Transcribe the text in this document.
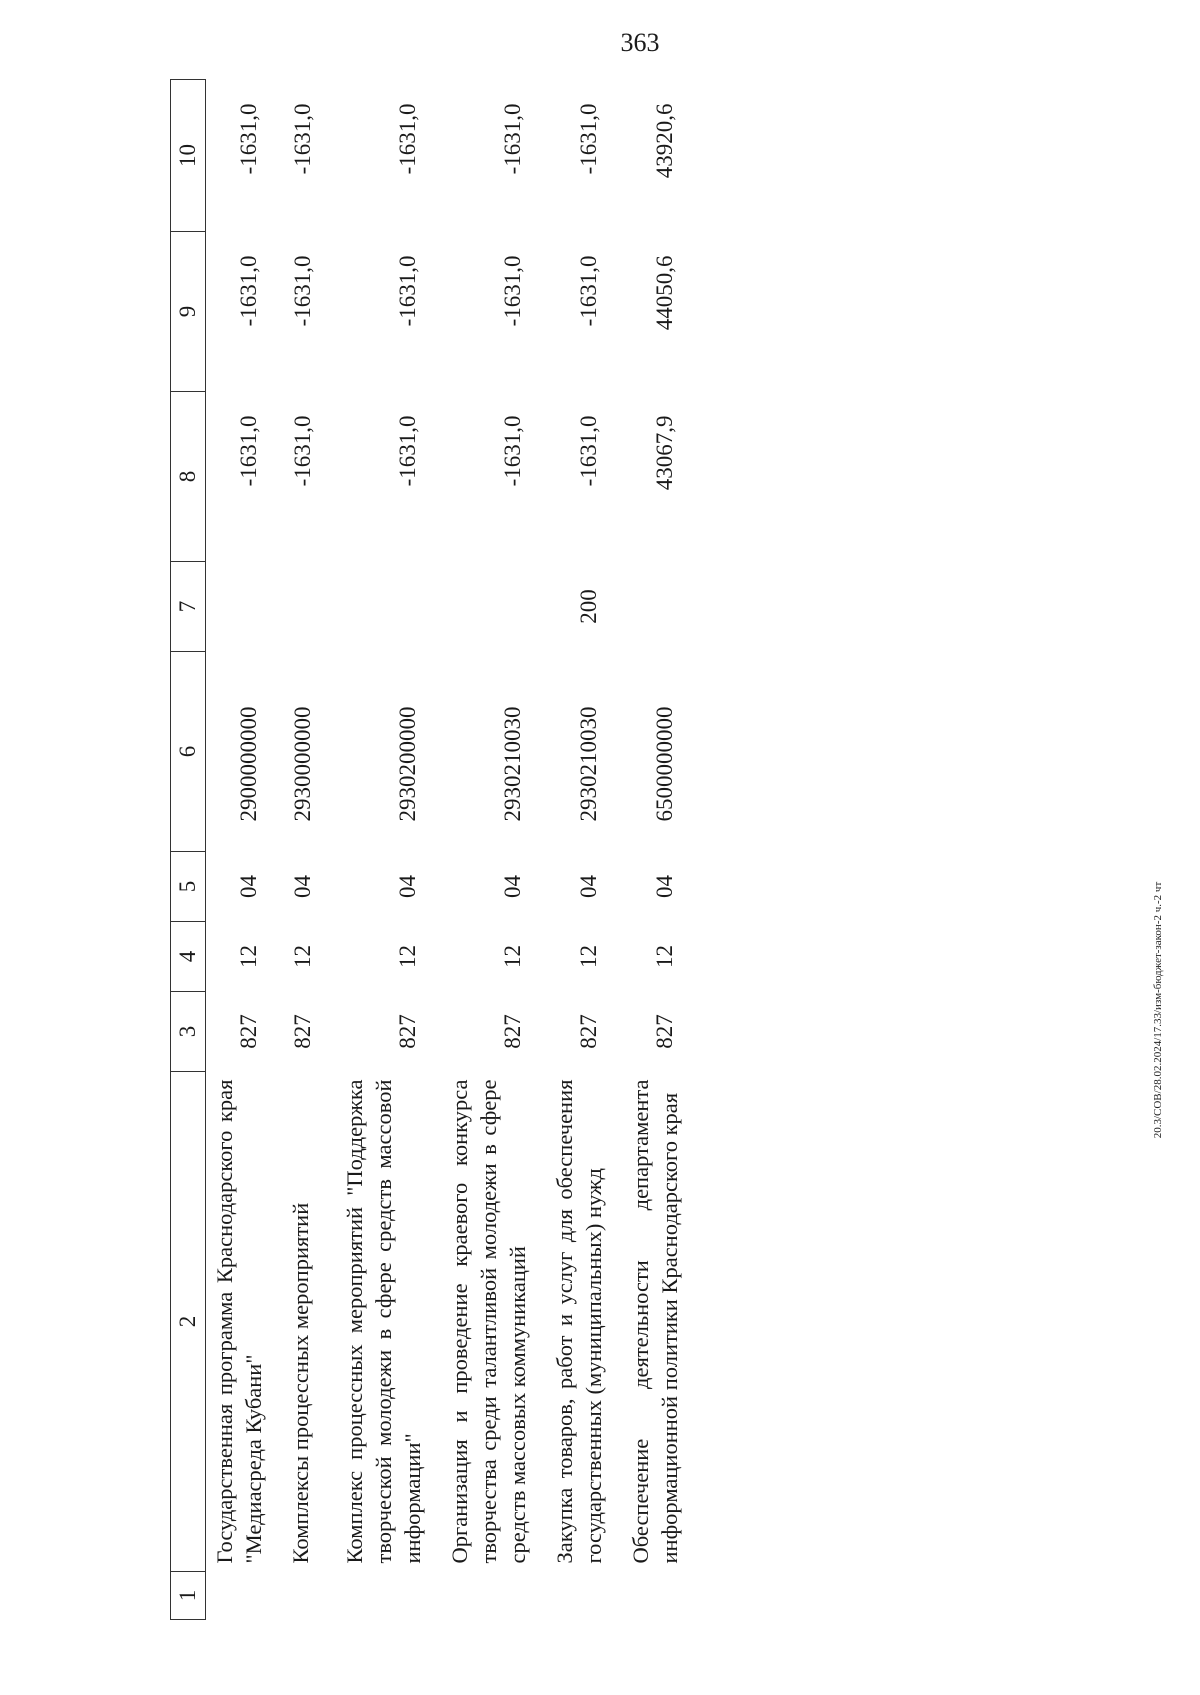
363
1	2	3	4	5	6	7	8	9	10
	Государственная программа Краснодарского края "Медиасреда Кубани"	827	12	04	2900000000		-1631,0	-1631,0	-1631,0
	Комплексы процессных мероприятий	827	12	04	2930000000		-1631,0	-1631,0	-1631,0
	Комплекс процессных мероприятий "Поддержка творческой молодежи в сфере средств массовой информации"	827	12	04	2930200000		-1631,0	-1631,0	-1631,0
	Организация и проведение краевого конкурса творчества среди талантливой молодежи в сфере средств массовых коммуникаций	827	12	04	2930210030		-1631,0	-1631,0	-1631,0
	Закупка товаров, работ и услуг для обеспечения государственных (муниципальных) нужд	827	12	04	2930210030	200	-1631,0	-1631,0	-1631,0
	Обеспечение деятельности департамента информационной политики Краснодарского края	827	12	04	6500000000		43067,9	44050,6	43920,6
20.3/СОВ/28.02.2024/17.33/изм-бюджет-закон-2 ч.-2 чт
